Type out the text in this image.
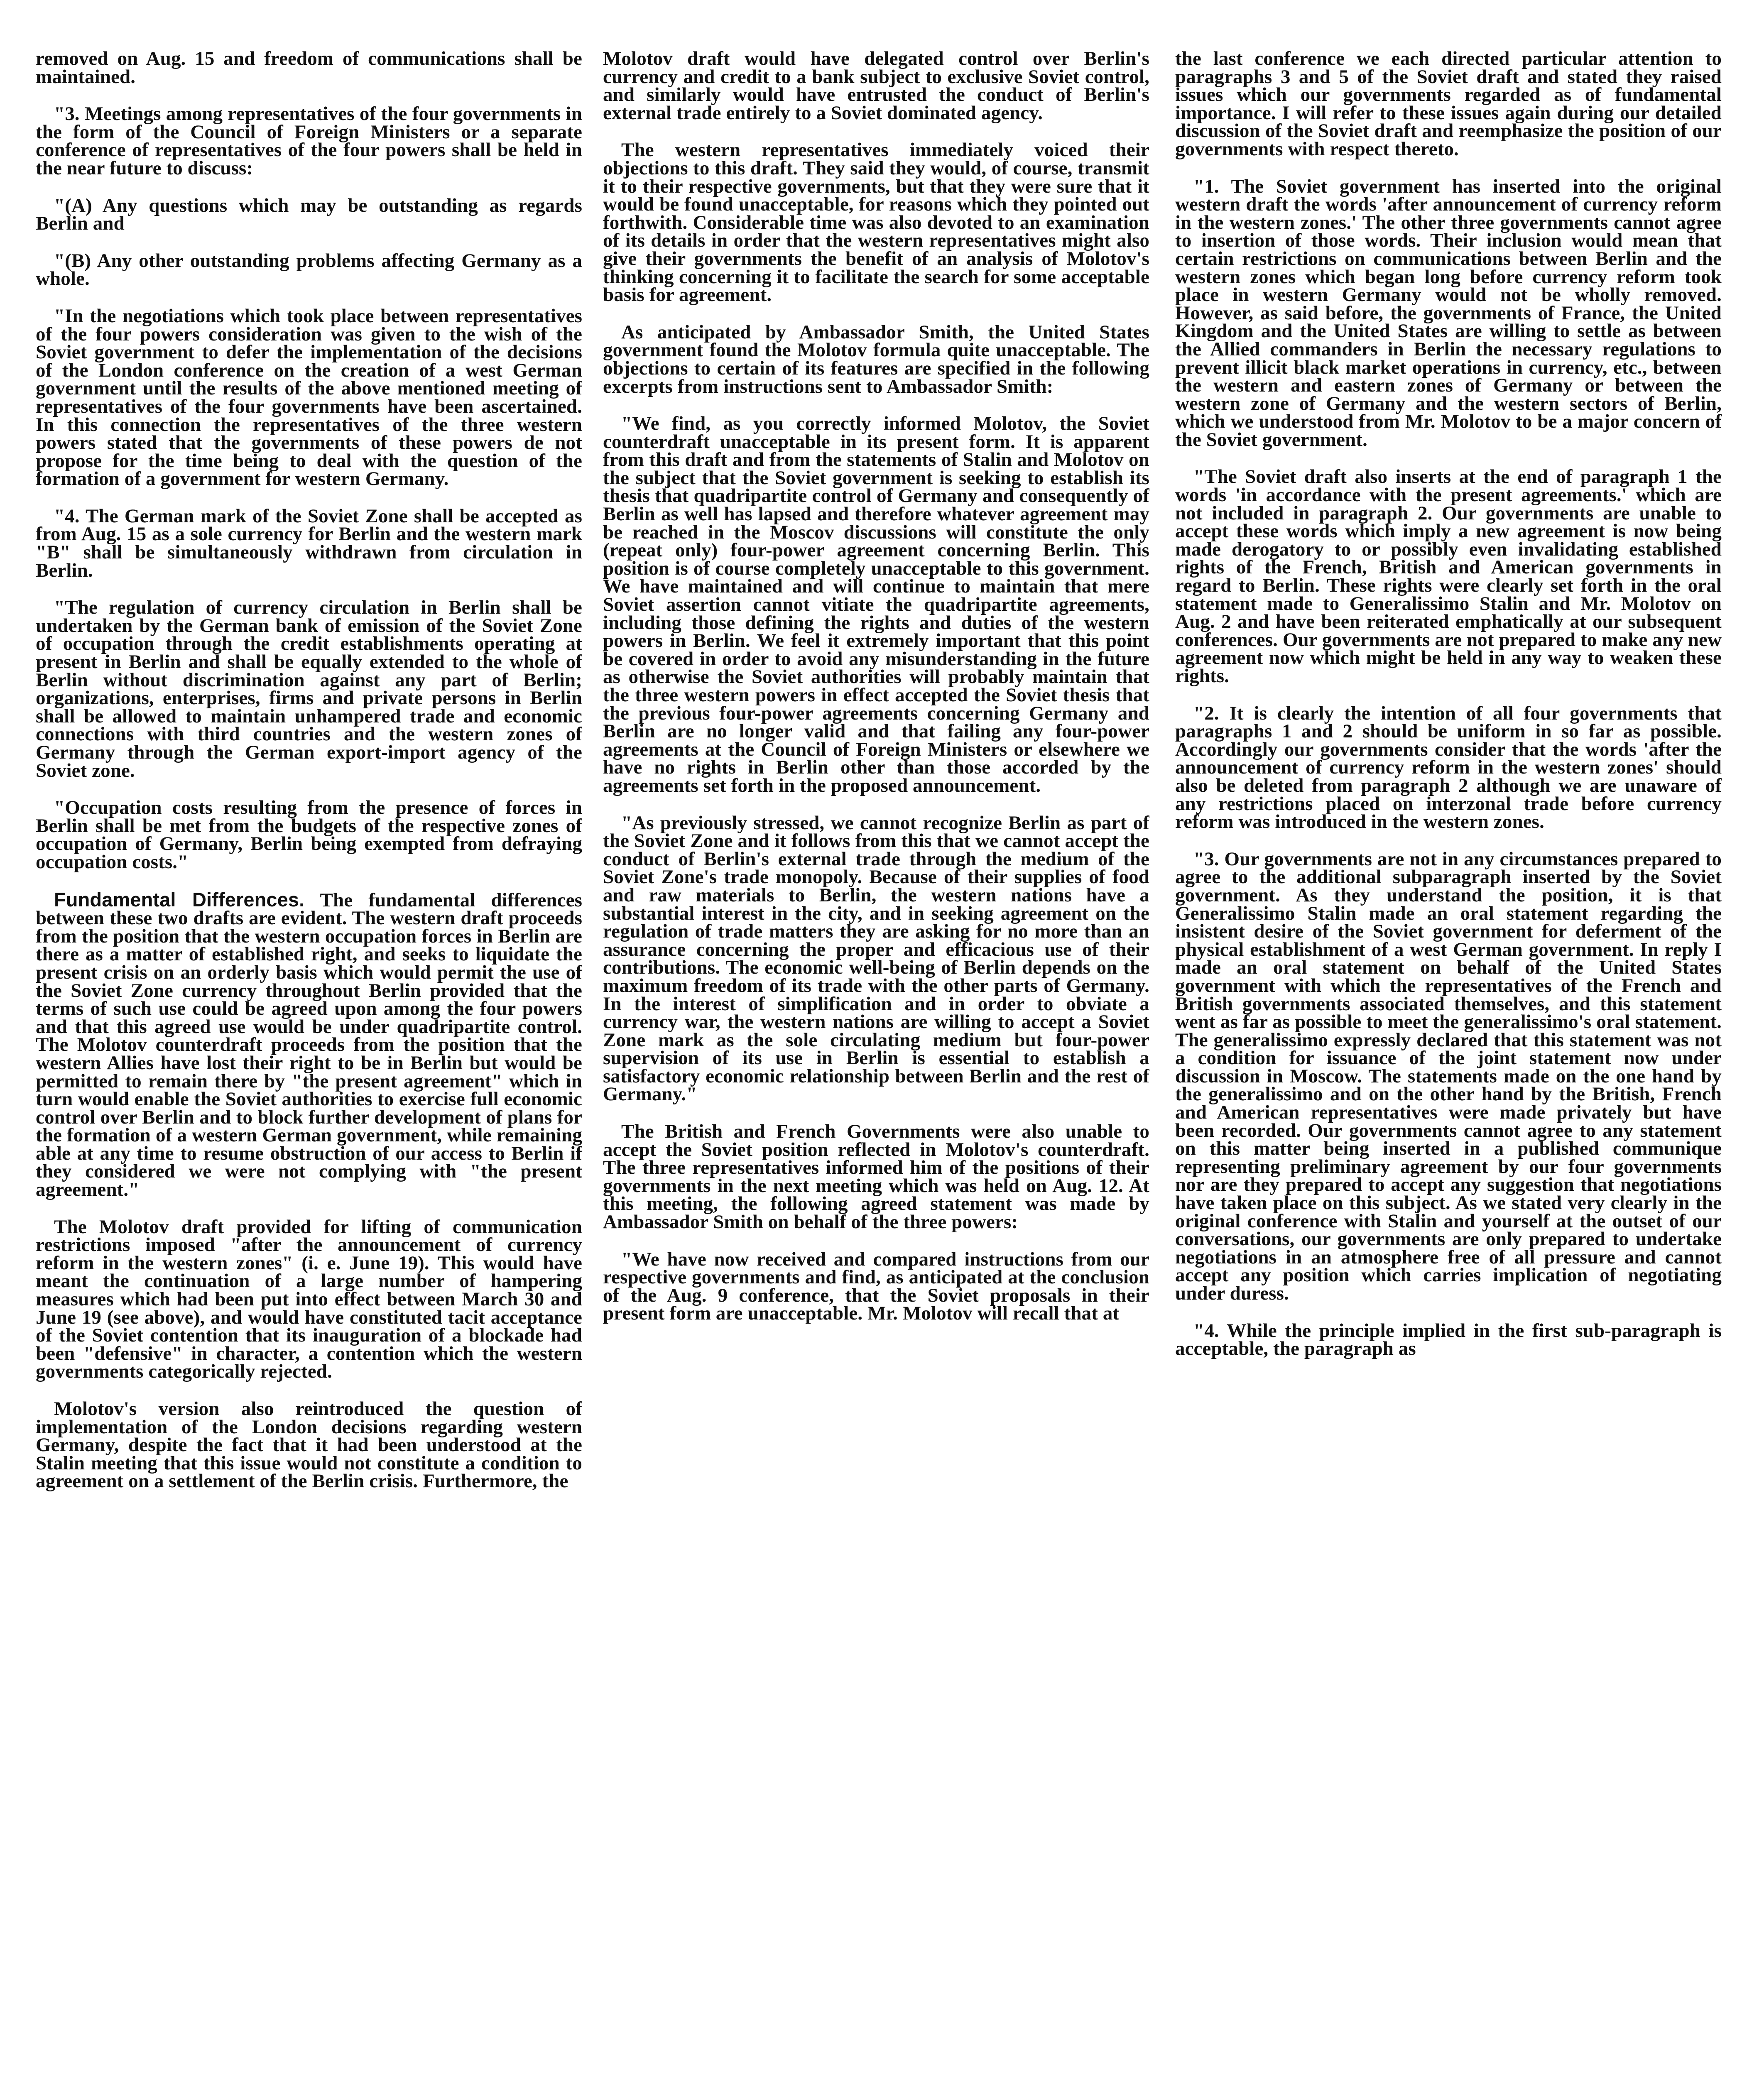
removed on Aug. 15 and freedom of communications shall be maintained.

"3. Meetings among representatives of the four governments in the form of the Council of Foreign Ministers or a separate conference of representatives of the four powers shall be held in the near future to discuss:

"(A) Any questions which may be outstanding as regards Berlin and

"(B) Any other outstanding problems affecting Germany as a whole.

"In the negotiations which took place between representatives of the four powers consideration was given to the wish of the Soviet government to defer the implementation of the decisions of the London conference on the creation of a west German government until the results of the above mentioned meeting of representatives of the four governments have been ascertained. In this connection the representatives of the three western powers stated that the governments of these powers de not propose for the time being to deal with the question of the formation of a government for western Germany.

"4. The German mark of the Soviet Zone shall be accepted as from Aug. 15 as a sole currency for Berlin and the western mark "B" shall be simultaneously withdrawn from circulation in Berlin.

"The regulation of currency circulation in Berlin shall be undertaken by the German bank of emission of the Soviet Zone of occupation through the credit establishments operating at present in Berlin and shall be equally extended to the whole of Berlin without discrimination against any part of Berlin; organizations, enterprises, firms and private persons in Berlin shall be allowed to maintain unhampered trade and economic connections with third countries and the western zones of Germany through the German export-import agency of the Soviet zone.

"Occupation costs resulting from the presence of forces in Berlin shall be met from the budgets of the respective zones of occupation of Germany, Berlin being exempted from defraying occupation costs."

Fundamental Differences. The fundamental differences between these two drafts are evident. The western draft proceeds from the position that the western occupation forces in Berlin are there as a matter of established right, and seeks to liquidate the present crisis on an orderly basis which would permit the use of the Soviet Zone currency throughout Berlin provided that the terms of such use could be agreed upon among the four powers and that this agreed use would be under quadripartite control. The Molotov counterdraft proceeds from the position that the western Allies have lost their right to be in Berlin but would be permitted to remain there by "the present agreement" which in turn would enable the Soviet authorities to exercise full economic control over Berlin and to block further development of plans for the formation of a western German government, while remaining able at any time to resume obstruction of our access to Berlin if they considered we were not complying with "the present agreement."

The Molotov draft provided for lifting of communication restrictions imposed "after the announcement of currency reform in the western zones" (i. e. June 19). This would have meant the continuation of a large number of hampering measures which had been put into effect between March 30 and June 19 (see above), and would have constituted tacit acceptance of the Soviet contention that its inauguration of a blockade had been "defensive" in character, a contention which the western governments categorically rejected.

Molotov's version also reintroduced the question of implementation of the London decisions regarding western Germany, despite the fact that it had been understood at the Stalin meeting that this issue would not constitute a condition to agreement on a settlement of the Berlin crisis. Furthermore, the

Molotov draft would have delegated control over Berlin's currency and credit to a bank subject to exclusive Soviet control, and similarly would have entrusted the conduct of Berlin's external trade entirely to a Soviet dominated agency.

The western representatives immediately voiced their objections to this draft. They said they would, of course, transmit it to their respective governments, but that they were sure that it would be found unacceptable, for reasons which they pointed out forthwith. Considerable time was also devoted to an examination of its details in order that the western representatives might also give their governments the benefit of an analysis of Molotov's thinking concerning it to facilitate the search for some acceptable basis for agreement.

As anticipated by Ambassador Smith, the United States government found the Molotov formula quite unacceptable. The objections to certain of its features are specified in the following excerpts from instructions sent to Ambassador Smith:

"We find, as you correctly informed Molotov, the Soviet counterdraft unacceptable in its present form. It is apparent from this draft and from the statements of Stalin and Molotov on the subject that the Soviet government is seeking to establish its thesis that quadripartite control of Germany and consequently of Berlin as well has lapsed and therefore whatever agreement may be reached in the Moscov discussions will constitute the only (repeat only) four-power agreement concerning Berlin. This position is of course completely unacceptable to this government. We have maintained and will continue to maintain that mere Soviet assertion cannot vitiate the quadripartite agreements, including those defining the rights and duties of the western powers in Berlin. We feel it extremely important that this point be covered in order to avoid any misunderstanding in the future as otherwise the Soviet authorities will probably maintain that the three western powers in effect accepted the Soviet thesis that the previous four-power agreements concerning Germany and Berlin are no longer valid and that failing any four-power agreements at the Council of Foreign Ministers or elsewhere we have no rights in Berlin other than those accorded by the agreements set forth in the proposed announcement.

"As previously stressed, we cannot recognize Berlin as part of the Soviet Zone and it follows from this that we cannot accept the conduct of Berlin's external trade through the medium of the Soviet Zone's trade monopoly. Because of their supplies of food and raw materials to Berlin, the western nations have a substantial interest in the city, and in seeking agreement on the regulation of trade matters they are asking for no more than an assurance concerning the proper and efficacious use of their contributions. The economic well-being of Berlin depends on the maximum freedom of its trade with the other parts of Germany. In the interest of simplification and in order to obviate a currency war, the western nations are willing to accept a Soviet Zone mark as the sole circulating medium but four-power supervision of its use in Berlin is essential to establish a satisfactory economic relationship between Berlin and the rest of Germany."

The British and French Governments were also unable to accept the Soviet position reflected in Molotov's counterdraft. The three representatives informed him of the positions of their governments in the next meeting which was held on Aug. 12. At this meeting, the following agreed statement was made by Ambassador Smith on behalf of the three powers:

"We have now received and compared instructions from our respective governments and find, as anticipated at the conclusion of the Aug. 9 conference, that the Soviet proposals in their present form are unacceptable. Mr. Molotov will recall that at

the last conference we each directed particular attention to paragraphs 3 and 5 of the Soviet draft and stated they raised issues which our governments regarded as of fundamental importance. I will refer to these issues again during our detailed discussion of the Soviet draft and reemphasize the position of our governments with respect thereto.

"1. The Soviet government has inserted into the original western draft the words 'after announcement of currency reform in the western zones.' The other three governments cannot agree to insertion of those words. Their inclusion would mean that certain restrictions on communications between Berlin and the western zones which began long before currency reform took place in western Germany would not be wholly removed. However, as said before, the governments of France, the United Kingdom and the United States are willing to settle as between the Allied commanders in Berlin the necessary regulations to prevent illicit black market operations in currency, etc., between the western and eastern zones of Germany or between the western zone of Germany and the western sectors of Berlin, which we understood from Mr. Molotov to be a major concern of the Soviet government.

"The Soviet draft also inserts at the end of paragraph 1 the words 'in accordance with the present agreements.' which are not included in paragraph 2. Our governments are unable to accept these words which imply a new agreement is now being made derogatory to or possibly even invalidating established rights of the French, British and American governments in regard to Berlin. These rights were clearly set forth in the oral statement made to Generalissimo Stalin and Mr. Molotov on Aug. 2 and have been reiterated emphatically at our subsequent conferences. Our governments are not prepared to make any new agreement now which might be held in any way to weaken these rights.

"2. It is clearly the intention of all four governments that paragraphs 1 and 2 should be uniform in so far as possible. Accordingly our governments consider that the words 'after the announcement of currency reform in the western zones' should also be deleted from paragraph 2 although we are unaware of any restrictions placed on interzonal trade before currency reform was introduced in the western zones.

"3. Our governments are not in any circumstances prepared to agree to the additional subparagraph inserted by the Soviet government. As they understand the position, it is that Generalissimo Stalin made an oral statement regarding the insistent desire of the Soviet government for deferment of the physical establishment of a west German government. In reply I made an oral statement on behalf of the United States government with which the representatives of the French and British governments associated themselves, and this statement went as far as possible to meet the generalissimo's oral statement. The generalissimo expressly declared that this statement was not a condition for issuance of the joint statement now under discussion in Moscow. The statements made on the one hand by the generalissimo and on the other hand by the British, French and American representatives were made privately but have been recorded. Our governments cannot agree to any statement on this matter being inserted in a published communique representing preliminary agreement by our four governments nor are they prepared to accept any suggestion that negotiations have taken place on this subject. As we stated very clearly in the original conference with Stalin and yourself at the outset of our conversations, our governments are only prepared to undertake negotiations in an atmosphere free of all pressure and cannot accept any position which carries implication of negotiating under duress.

"4. While the principle implied in the first sub-paragraph is acceptable, the paragraph as
